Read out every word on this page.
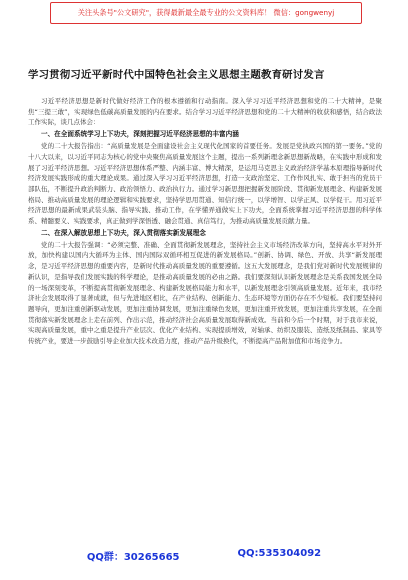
关注头条号"公文研究"，获得最新最全最专业的公文资料库！ 微信：gongwenyj
学习贯彻习近平新时代中国特色社会主义思想主题教育研讨发言

习近平经济思想是新时代做好经济工作的根本遵循和行动指南。深入学习习近平经济思想和党的二十大精神，是聚焦“三提三敢”，实现绿色低碳高质量发展的内在要求。结合学习习近平经济思想和党的二十大精神的收获和感悟，结合政法工作实际，谈几点体会：

一、在全面系统学习上下功夫，深刻把握习近平经济思想的丰富内涵

党的二十大报告指出：“高质量发展是全面建设社会主义现代化国家的首要任务。发展是党执政兴国的第一要务。”党的十八大以来，以习近平同志为核心的党中央聚焦高质量发展这个主题，提出一系列新理念新思想新战略，在实践中形成和发展了习近平经济思想。习近平经济思想体系严整、内涵丰富、博大精深，是运用马克思主义政治经济学基本原理指导新时代经济发展实践形成的重大理论成果。通过深入学习习近平经济思想，打造一支政治坚定、工作作风扎实、敢于担当的党员干部队伍，不断提升政治判断力、政治领悟力、政治执行力。通过学习新思想把握新发展阶段、贯彻新发展理念、构建新发展格局、推动高质量发展的理论逻辑和实践要求，坚持学思用贯通、知信行统一，以学增智、以学正风、以学促干。用习近平经济思想的最新成果武装头脑、指导实践、推动工作，在学懂弄通做实上下功夫，全面系统掌握习近平经济思想的科学体系、精髓要义、实践要求，真正做到学深悟透、融会贯通、真信笃行，为推动高质量发展贡献力量。

二、在深入解放思想上下功夫，深入贯彻落实新发展理念

党的二十大报告强调：“必须完整、准确、全面贯彻新发展理念，坚持社会主义市场经济改革方向，坚持高水平对外开放，加快构建以国内大循环为主体、国内国际双循环相互促进的新发展格局。”创新、协调、绿色、开放、共享“新发展理念，是习近平经济思想的重要内容，是新时代推动高质量发展的重要遵循。这五大发展理念，是我们党对新时代发展规律的新认识，是指导我们发展实践的科学理论，是推动高质量发展的必由之路。我们要深刻认识新发展理念是关系我国发展全局的一场深刻变革，不断提高贯彻新发展理念、构建新发展格局能力和水平，以新发展理念引领高质量发展。近年来，我市经济社会发展取得了显著成就，但与先进地区相比，在产业结构、创新能力、生态环境等方面仍存在不少短板。我们要坚持问题导向，更加注重创新驱动发展，更加注重协调发展，更加注重绿色发展，更加注重开放发展，更加注重共享发展，在全面贯彻落实新发展理念上走在前列、作出示范，推动经济社会高质量发展取得新成效。当前和今后一个时期，对于我市来说，实现高质量发展，重中之重是提升产业层次、优化产业结构、实现提质增效，对轴承、纺织及服装、造纸及纸制品、家具等传统产业，要进一步鼓励引导企业加大技术改造力度，推动产品升级换代，不断提高产品附加值和市场竞争力。

QQ群：30265665	QQ:535304092
